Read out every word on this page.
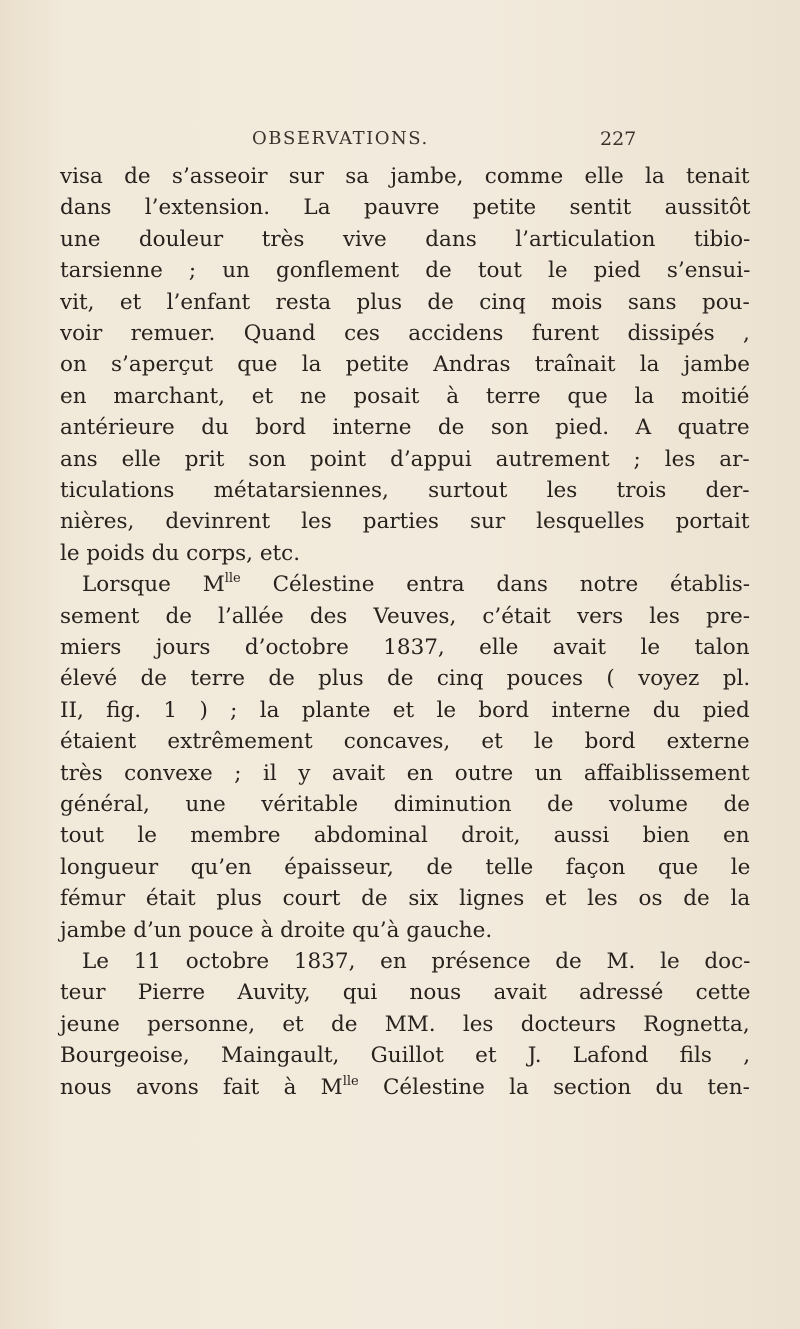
OBSERVATIONS.	227
visa de s’asseoir sur sa jambe, comme elle la tenait
dans l’extension. La pauvre petite sentit aussitôt
une douleur très vive dans l’articulation tibio-
tarsienne ; un gonflement de tout le pied s’ensui-
vit, et l’enfant resta plus de cinq mois sans pou-
voir remuer. Quand ces accidens furent dissipés ,
on s’aperçut que la petite Andras traînait la jambe
en marchant, et ne posait à terre que la moitié
antérieure du bord interne de son pied. A quatre
ans elle prit son point d’appui autrement ; les ar-
ticulations métatarsiennes, surtout les trois der-
nières, devinrent les parties sur lesquelles portait
le poids du corps, etc.
Lorsque $M^{lle}$ Célestine entra dans notre établis-
sement de l’allée des Veuves, c’était vers les pre-
miers jours d’octobre 1837, elle avait le talon
élevé de terre de plus de cinq pouces ( voyez pl.
II, fig. 1 ) ; la plante et le bord interne du pied
étaient extrêmement concaves, et le bord externe
très convexe ; il y avait en outre un affaiblissement
général, une véritable diminution de volume de
tout le membre abdominal droit, aussi bien en
longueur qu’en épaisseur, de telle façon que le
fémur était plus court de six lignes et les os de la
jambe d’un pouce à droite qu’à gauche.
Le 11 octobre 1837, en présence de M. le doc-
teur Pierre Auvity, qui nous avait adressé cette
jeune personne, et de MM. les docteurs Rognetta,
Bourgeoise, Maingault, Guillot et J. Lafond fils ,
nous avons fait à $M^{lle}$ Célestine la section du ten-
